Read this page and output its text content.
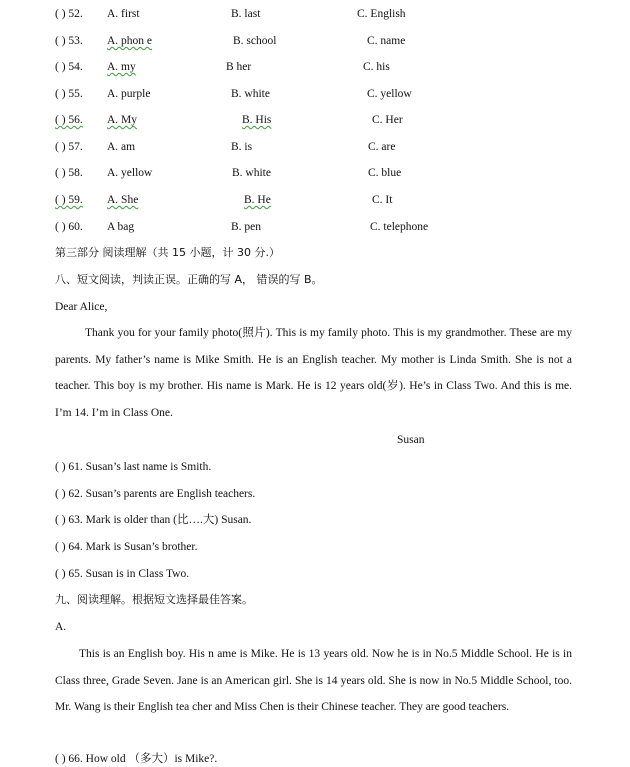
( ) 52. A. first	B. last	C. English
( ) 53. A. phon e	B. school	C. name
( ) 54. A. my	B her	C. his
( ) 55. A. purple	B. white	C. yellow
( ) 56. A. My	B. His	C. Her
( ) 57. A. am	B. is	C. are
( ) 58. A. yellow	B. white	C. blue
( ) 59. A. She	B. He	C. It
( ) 60. A bag	B. pen	C. telephone
第三部分 阅读理解（共 15 小题，计 30 分.）
八、短文阅读，判读正误。正确的写 A， 错误的写 B。
Dear Alice,
Thank you for your family photo(照片). This is my family photo. This is my grandmother. These are my parents. My father’s name is Mike Smith. He is an English teacher. My mother is Linda Smith. She is not a teacher. This boy is my brother. His name is Mark. He is 12 years old(岁). He’s in Class Two. And this is me. I’m 14. I’m in Class One.
Susan
( ) 61. Susan’s last name is Smith.
( ) 62. Susan’s parents are English teachers.
( ) 63. Mark is older than (比….大) Susan.
( ) 64. Mark is Susan’s brother.
( ) 65. Susan is in Class Two.
九、阅读理解。根据短文选择最佳答案。
A.
This is an English boy. His n ame is Mike. He is 13 years old. Now he is in No.5 Middle School. He is in Class three, Grade Seven. Jane is an American girl. She is 14 years old. She is now in No.5 Middle School, too. Mr. Wang is their English tea cher and Miss Chen is their Chinese teacher. They are good teachers.
( ) 66. How old （多大）is Mike?.
